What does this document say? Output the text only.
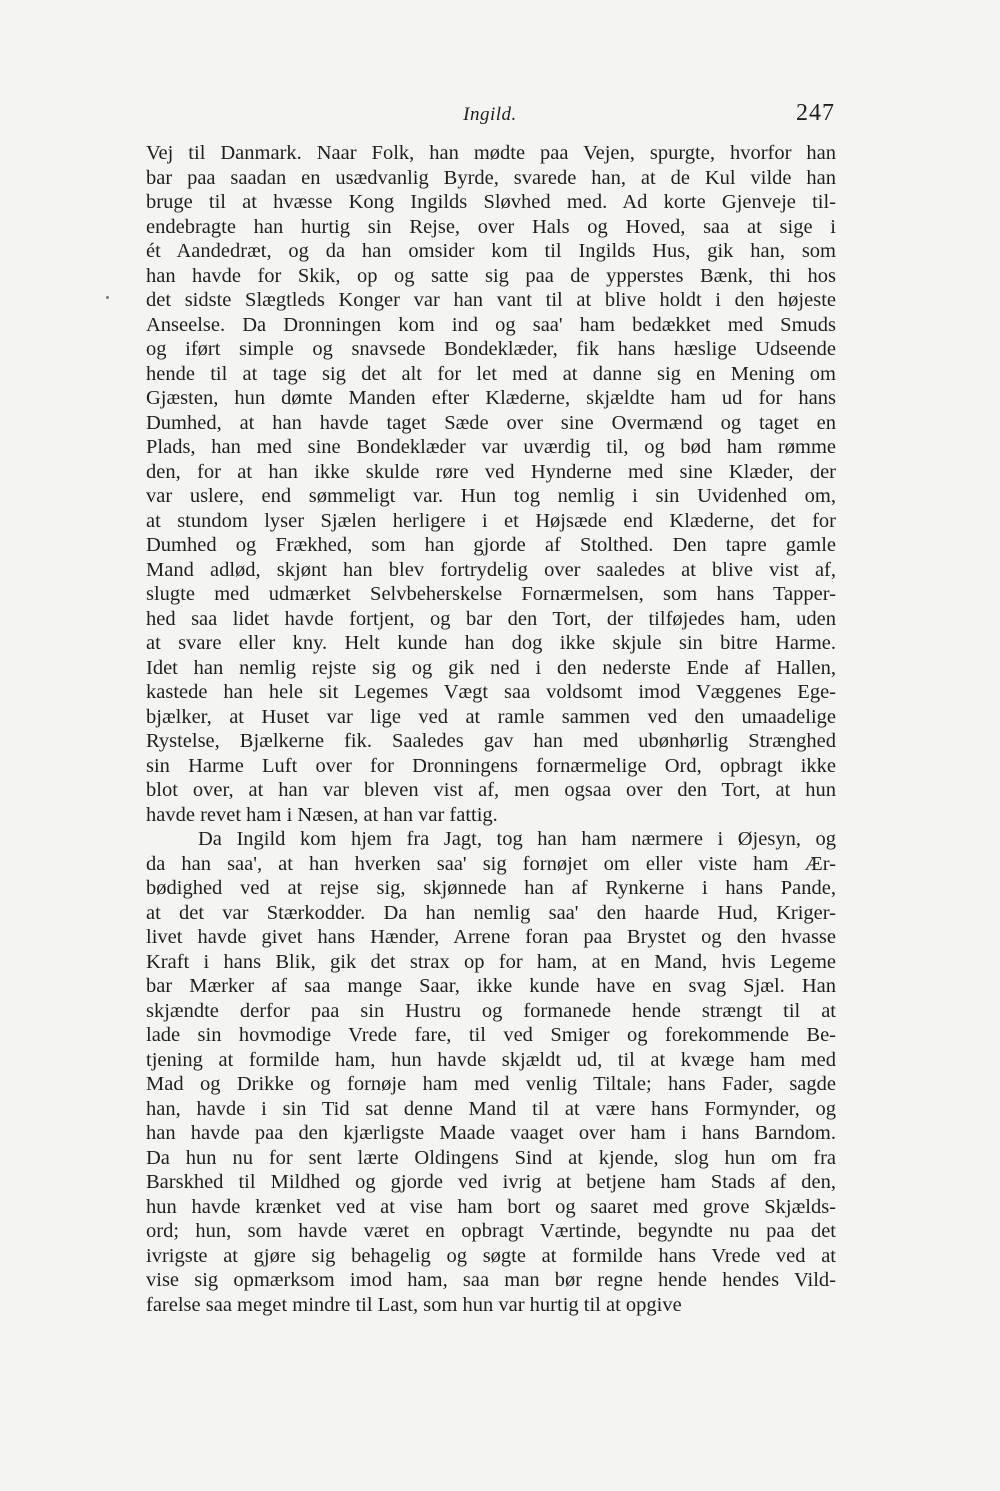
Ingild.	247
Vej til Danmark. Naar Folk, han mødte paa Vejen, spurgte, hvorfor han
bar paa saadan en usædvanlig Byrde, svarede han, at de Kul vilde han
bruge til at hvæsse Kong Ingilds Sløvhed med. Ad korte Gjenveje til-
endebragte han hurtig sin Rejse, over Hals og Hoved, saa at sige i
ét Aandedræt, og da han omsider kom til Ingilds Hus, gik han, som
han havde for Skik, op og satte sig paa de ypperstes Bænk, thi hos
det sidste Slægtleds Konger var han vant til at blive holdt i den højeste
Anseelse. Da Dronningen kom ind og saa' ham bedækket med Smuds
og iført simple og snavsede Bondeklæder, fik hans hæslige Udseende
hende til at tage sig det alt for let med at danne sig en Mening om
Gjæsten, hun dømte Manden efter Klæderne, skjældte ham ud for hans
Dumhed, at han havde taget Sæde over sine Overmænd og taget en
Plads, han med sine Bondeklæder var uværdig til, og bød ham rømme
den, for at han ikke skulde røre ved Hynderne med sine Klæder, der
var uslere, end sømmeligt var. Hun tog nemlig i sin Uvidenhed om,
at stundom lyser Sjælen herligere i et Højsæde end Klæderne, det for
Dumhed og Frækhed, som han gjorde af Stolthed. Den tapre gamle
Mand adlød, skjønt han blev fortrydelig over saaledes at blive vist af,
slugte med udmærket Selvbeherskelse Fornærmelsen, som hans Tapper-
hed saa lidet havde fortjent, og bar den Tort, der tilføjedes ham, uden
at svare eller kny. Helt kunde han dog ikke skjule sin bitre Harme.
Idet han nemlig rejste sig og gik ned i den nederste Ende af Hallen,
kastede han hele sit Legemes Vægt saa voldsomt imod Væggenes Ege-
bjælker, at Huset var lige ved at ramle sammen ved den umaadelige
Rystelse, Bjælkerne fik. Saaledes gav han med ubønhørlig Strænghed
sin Harme Luft over for Dronningens fornærmelige Ord, opbragt ikke
blot over, at han var bleven vist af, men ogsaa over den Tort, at hun
havde revet ham i Næsen, at han var fattig.
Da Ingild kom hjem fra Jagt, tog han ham nærmere i Øjesyn, og
da han saa', at han hverken saa' sig fornøjet om eller viste ham Ær-
bødighed ved at rejse sig, skjønnede han af Rynkerne i hans Pande,
at det var Stærkodder. Da han nemlig saa' den haarde Hud, Kriger-
livet havde givet hans Hænder, Arrene foran paa Brystet og den hvasse
Kraft i hans Blik, gik det strax op for ham, at en Mand, hvis Legeme
bar Mærker af saa mange Saar, ikke kunde have en svag Sjæl. Han
skjændte derfor paa sin Hustru og formanede hende strængt til at
lade sin hovmodige Vrede fare, til ved Smiger og forekommende Be-
tjening at formilde ham, hun havde skjældt ud, til at kvæge ham med
Mad og Drikke og fornøje ham med venlig Tiltale; hans Fader, sagde
han, havde i sin Tid sat denne Mand til at være hans Formynder, og
han havde paa den kjærligste Maade vaaget over ham i hans Barndom.
Da hun nu for sent lærte Oldingens Sind at kjende, slog hun om fra
Barskhed til Mildhed og gjorde ved ivrig at betjene ham Stads af den,
hun havde krænket ved at vise ham bort og saaret med grove Skjælds-
ord; hun, som havde været en opbragt Værtinde, begyndte nu paa det
ivrigste at gjøre sig behagelig og søgte at formilde hans Vrede ved at
vise sig opmærksom imod ham, saa man bør regne hende hendes Vild-
farelse saa meget mindre til Last, som hun var hurtig til at opgive
